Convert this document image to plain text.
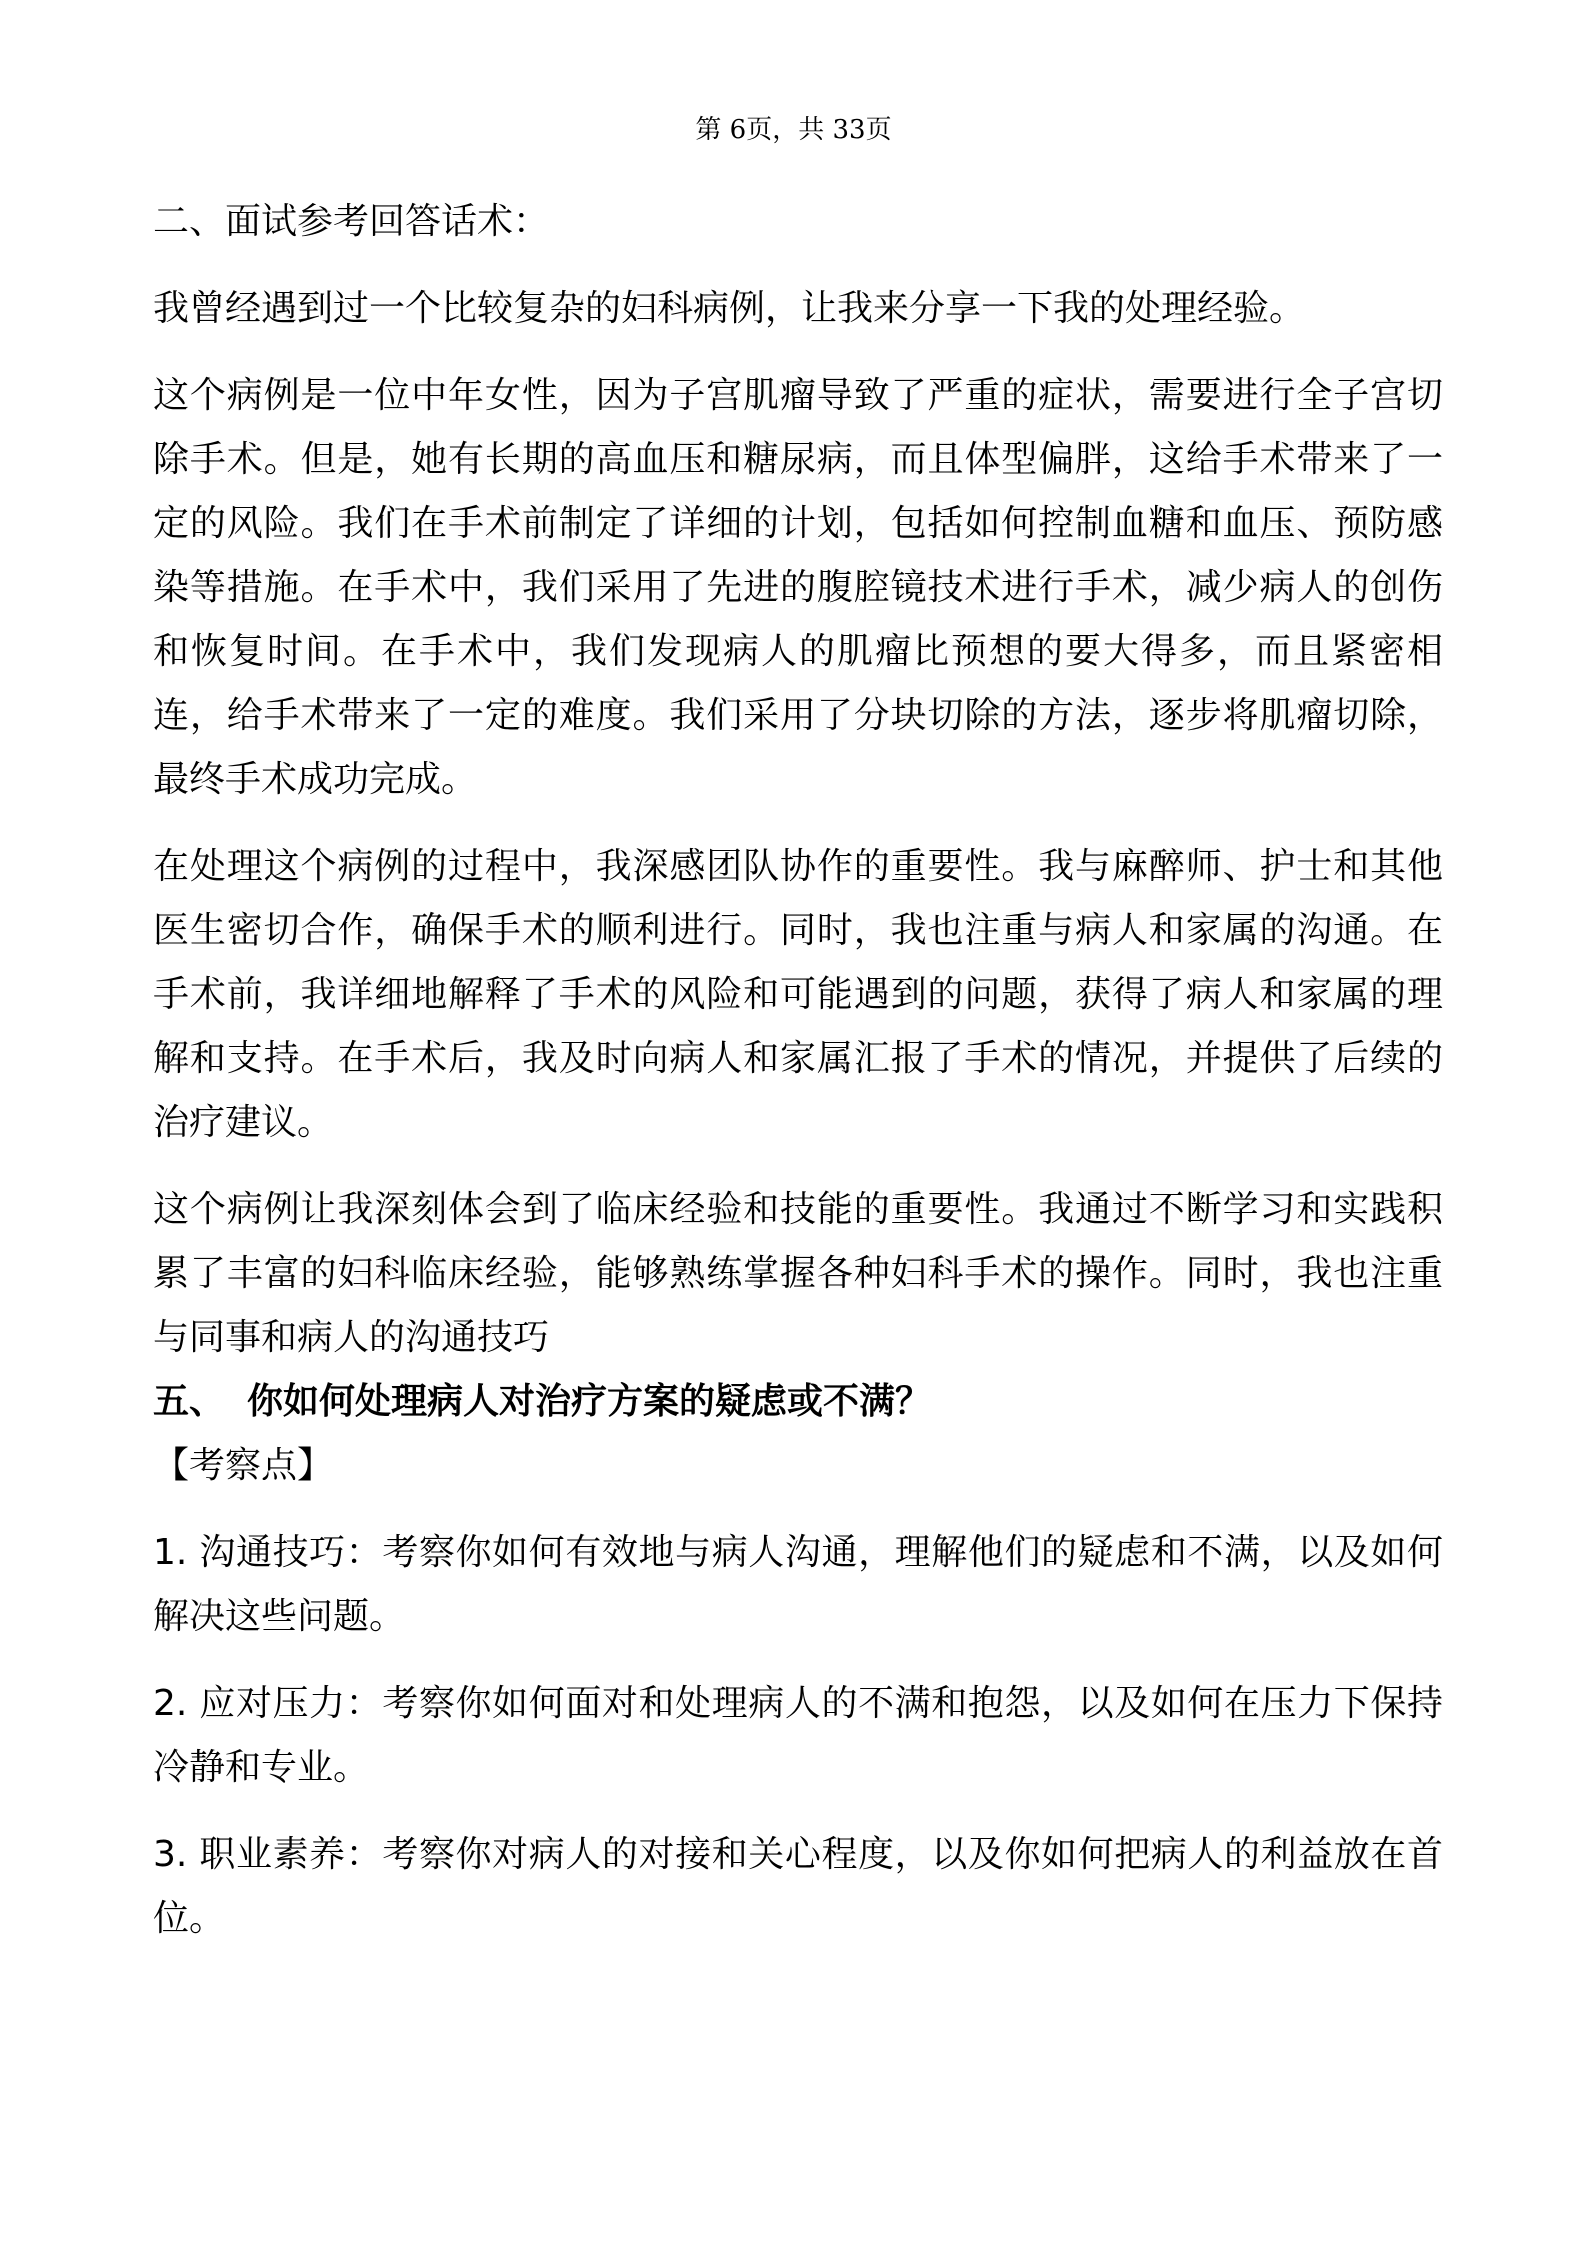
第 6页，共 33页

二、面试参考回答话术：

我曾经遇到过一个比较复杂的妇科病例，让我来分享一下我的处理经验。

这个病例是一位中年女性，因为子宫肌瘤导致了严重的症状，需要进行全子宫切除手术。但是，她有长期的高血压和糖尿病，而且体型偏胖，这给手术带来了一定的风险。我们在手术前制定了详细的计划，包括如何控制血糖和血压、预防感染等措施。在手术中，我们采用了先进的腹腔镜技术进行手术，减少病人的创伤和恢复时间。在手术中，我们发现病人的肌瘤比预想的要大得多，而且紧密相连，给手术带来了一定的难度。我们采用了分块切除的方法，逐步将肌瘤切除，最终手术成功完成。

在处理这个病例的过程中，我深感团队协作的重要性。我与麻醉师、护士和其他医生密切合作，确保手术的顺利进行。同时，我也注重与病人和家属的沟通。在手术前，我详细地解释了手术的风险和可能遇到的问题，获得了病人和家属的理解和支持。在手术后，我及时向病人和家属汇报了手术的情况，并提供了后续的治疗建议。

这个病例让我深刻体会到了临床经验和技能的重要性。我通过不断学习和实践积累了丰富的妇科临床经验，能够熟练掌握各种妇科手术的操作。同时，我也注重与同事和病人的沟通技巧

五、 你如何处理病人对治疗方案的疑虑或不满？

【考察点】

1. 沟通技巧：考察你如何有效地与病人沟通，理解他们的疑虑和不满，以及如何解决这些问题。

2. 应对压力：考察你如何面对和处理病人的不满和抱怨，以及如何在压力下保持冷静和专业。

3. 职业素养：考察你对病人的对接和关心程度，以及你如何把病人的利益放在首位。
